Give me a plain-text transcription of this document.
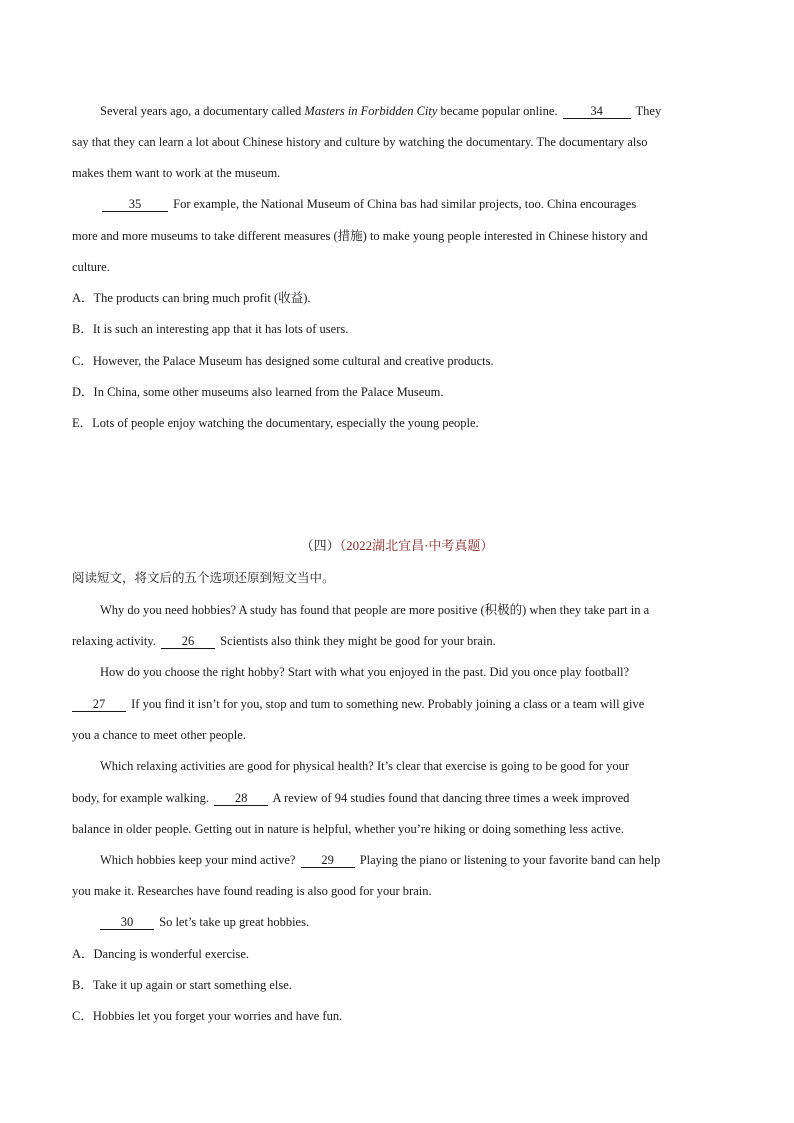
Several years ago, a documentary called Masters in Forbidden City became popular online. 34 They
say that they can learn a lot about Chinese history and culture by watching the documentary. The documentary also
makes them want to work at the museum.
35 For example, the National Museum of China bas had similar projects, too. China encourages
more and more museums to take different measures (措施) to make young people interested in Chinese history and
culture.
A．The products can bring much profit (收益).
B．It is such an interesting app that it has lots of users.
C．However, the Palace Museum has designed some cultural and creative products.
D．In China, some other museums also learned from the Palace Museum.
E．Lots of people enjoy watching the documentary, especially the young people.
（四）（2022湖北宜昌·中考真题）
阅读短文，将文后的五个选项还原到短文当中。
Why do you need hobbies? A study has found that people are more positive (积极的) when they take part in a
relaxing activity. 26 Scientists also think they might be good for your brain.
How do you choose the right hobby? Start with what you enjoyed in the past. Did you once play football?
27 If you find it isn’t for you, stop and tum to something new. Probably joining a class or a team will give
you a chance to meet other people.
Which relaxing activities are good for physical health? It’s clear that exercise is going to be good for your
body, for example walking. 28 A review of 94 studies found that dancing three times a week improved
balance in older people. Getting out in nature is helpful, whether you’re hiking or doing something less active.
Which hobbies keep your mind active? 29 Playing the piano or listening to your favorite band can help
you make it. Researches have found reading is also good for your brain.
30 So let’s take up great hobbies.
A．Dancing is wonderful exercise.
B．Take it up again or start something else.
C．Hobbies let you forget your worries and have fun.
